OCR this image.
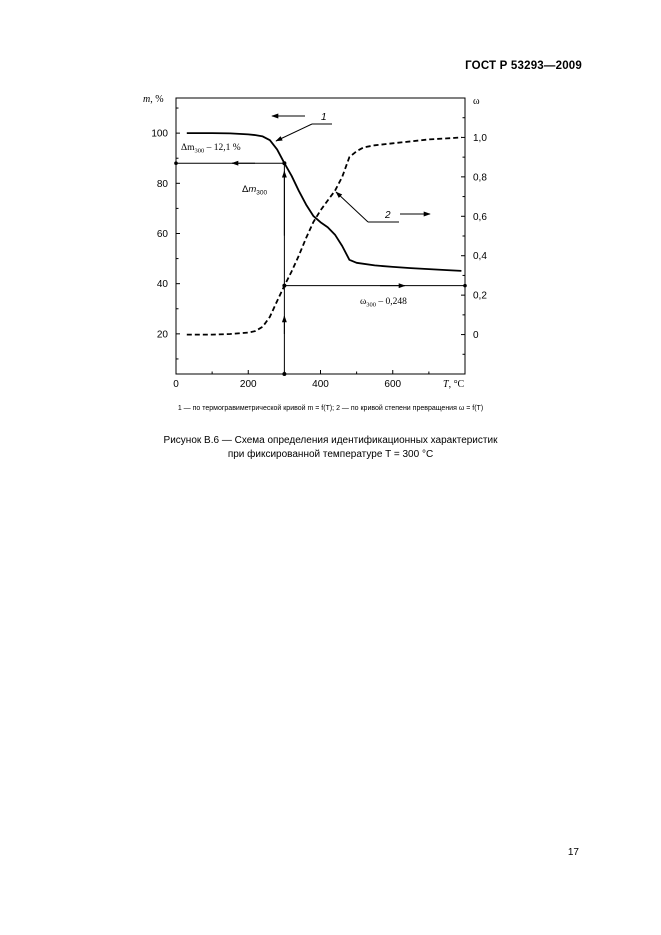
ГОСТ Р 53293—2009
0	200	400	600	T, °C
20
40
60
80
100
m, %
0
0,2
0,4
0,6
0,8
1,0
ω
1
2
$\Delta m_{300} - 12,1$ %
$\Delta m_{300}$
$\omega_{300} - 0,248$
1 — по термогравиметрической кривой m = f(T); 2 — по кривой степени превращения ω = f(T)
Рисунок В.6 — Схема определения идентификационных характеристик
при фиксированной температуре T = 300 °С
17
